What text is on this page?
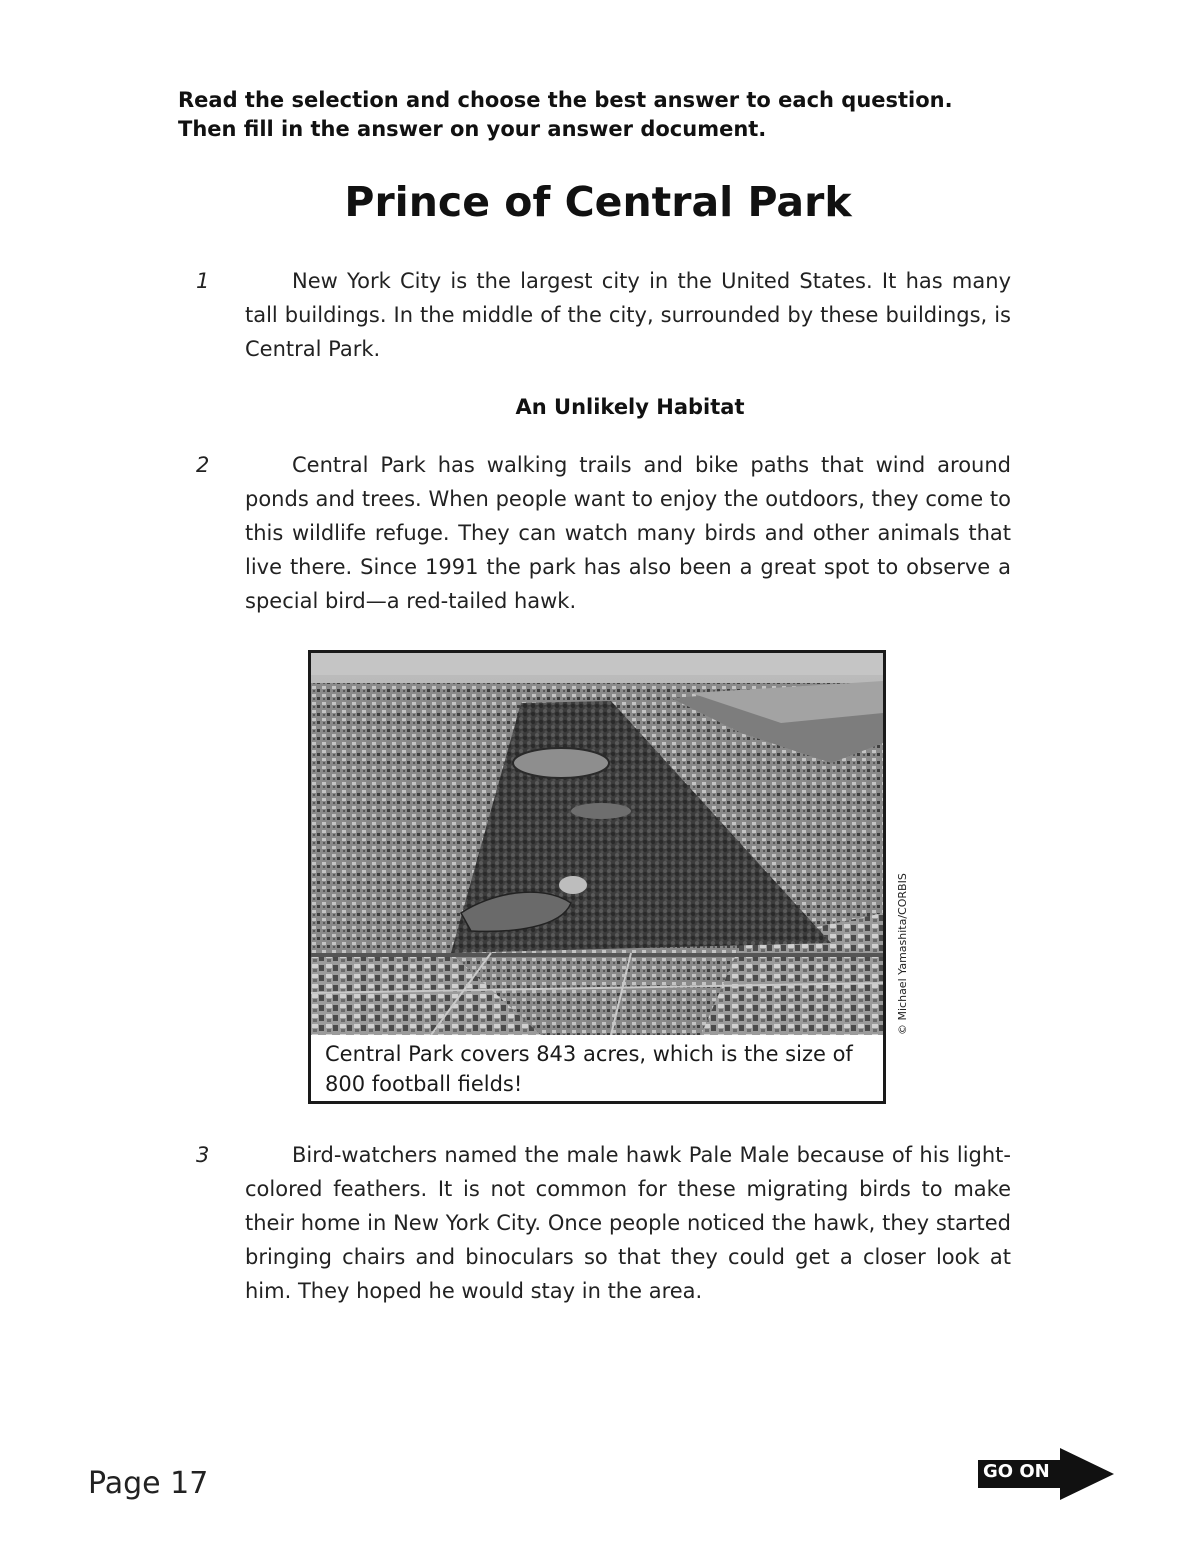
Read the selection and choose the best answer to each question.
Then fill in the answer on your answer document.
Prince of Central Park
1	New York City is the largest city in the United States. It has many tall buildings. In the middle of the city, surrounded by these buildings, is Central Park.

An Unlikely Habitat
2	Central Park has walking trails and bike paths that wind around ponds and trees. When people want to enjoy the outdoors, they come to this wildlife refuge. They can watch many birds and other animals that live there. Since 1991 the park has also been a great spot to observe a special bird—a red-tailed hawk.

Central Park covers 843 acres, which is the size of 800 football fields!
© Michael Yamashita/CORBIS
3	Bird-watchers named the male hawk Pale Male because of his light-colored feathers. It is not common for these migrating birds to make their home in New York City. Once people noticed the hawk, they started bringing chairs and binoculars so that they could get a closer look at him. They hoped he would stay in the area.

Page 17	GO ON
